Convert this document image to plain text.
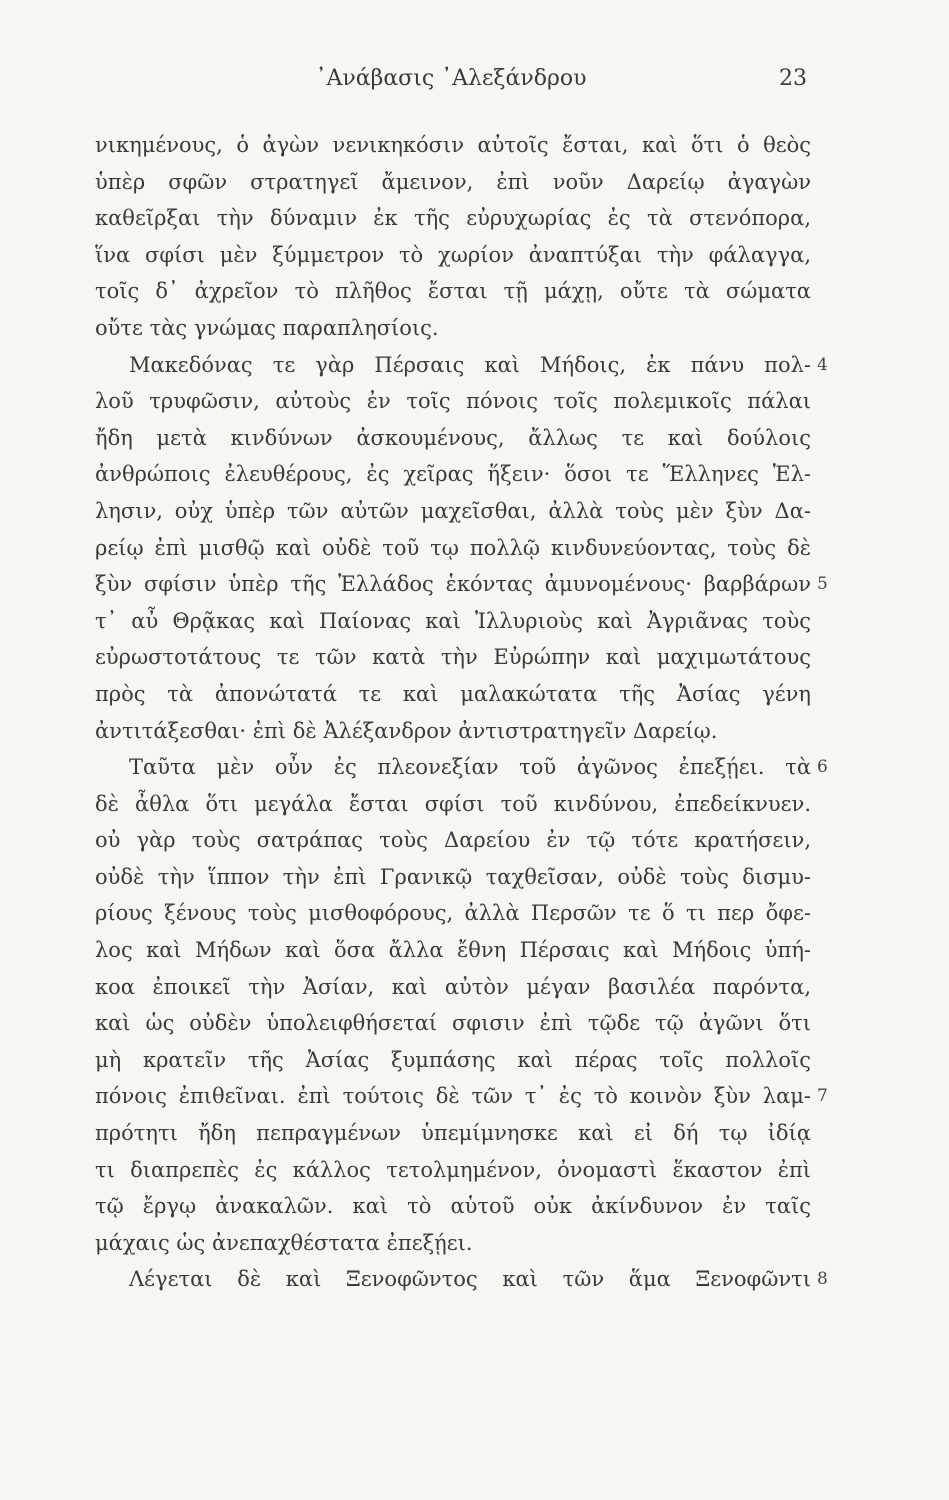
᾿Ανάβασις ᾿Αλεξάνδρου	23
νικημένους, ὁ ἀγὼν νενικηκόσιν αὐτοῖς ἔσται, καὶ ὅτι ὁ θεὸς
ὑπὲρ σφῶν στρατηγεῖ ἄμεινον, ἐπὶ νοῦν Δαρείῳ ἀγαγὼν
καθεῖρξαι τὴν δύναμιν ἐκ τῆς εὐρυχωρίας ἐς τὰ στενόπορα,
ἵνα σφίσι μὲν ξύμμετρον τὸ χωρίον ἀναπτύξαι τὴν φάλαγγα,
τοῖς δ᾿ ἀχρεῖον τὸ πλῆθος ἔσται τῇ μάχῃ, οὔτε τὰ σώματα
οὔτε τὰς γνώμας παραπλησίοις.
Μακεδόνας τε γὰρ Πέρσαις καὶ Μήδοις, ἐκ πάνυ πολ- 4
λοῦ τρυφῶσιν, αὐτοὺς ἐν τοῖς πόνοις τοῖς πολεμικοῖς πάλαι
ἤδη μετὰ κινδύνων ἀσκουμένους, ἄλλως τε καὶ δούλοις
ἀνθρώποις ἐλευθέρους, ἐς χεῖρας ἥξειν· ὅσοι τε Ἕλληνες Ἑλ-
λησιν, οὐχ ὑπὲρ τῶν αὐτῶν μαχεῖσθαι, ἀλλὰ τοὺς μὲν ξὺν Δα-
ρείῳ ἐπὶ μισθῷ καὶ οὐδὲ τοῦ τῳ πολλῷ κινδυνεύοντας, τοὺς δὲ
ξὺν σφίσιν ὑπὲρ τῆς Ἑλλάδος ἑκόντας ἀμυνομένους· βαρβάρων 5
τ᾿ αὖ Θρᾷκας καὶ Παίονας καὶ Ἰλλυριοὺς καὶ Ἀγριᾶνας τοὺς
εὐρωστοτάτους τε τῶν κατὰ τὴν Εὐρώπην καὶ μαχιμωτάτους
πρὸς τὰ ἀπονώτατά τε καὶ μαλακώτατα τῆς Ἀσίας γένη
ἀντιτάξεσθαι· ἐπὶ δὲ Ἀλέξανδρον ἀντιστρατηγεῖν Δαρείῳ.
Ταῦτα μὲν οὖν ἐς πλεονεξίαν τοῦ ἀγῶνος ἐπεξῄει. τὰ 6
δὲ ἆθλα ὅτι μεγάλα ἔσται σφίσι τοῦ κινδύνου, ἐπεδείκνυεν.
οὐ γὰρ τοὺς σατράπας τοὺς Δαρείου ἐν τῷ τότε κρατήσειν,
οὐδὲ τὴν ἵππον τὴν ἐπὶ Γρανικῷ ταχθεῖσαν, οὐδὲ τοὺς δισμυ-
ρίους ξένους τοὺς μισθοφόρους, ἀλλὰ Περσῶν τε ὅ τι περ ὄφε-
λος καὶ Μήδων καὶ ὅσα ἄλλα ἔθνη Πέρσαις καὶ Μήδοις ὑπή-
κοα ἐποικεῖ τὴν Ἀσίαν, καὶ αὐτὸν μέγαν βασιλέα παρόντα,
καὶ ὡς οὐδὲν ὑπολειφθήσεταί σφισιν ἐπὶ τῷδε τῷ ἀγῶνι ὅτι
μὴ κρατεῖν τῆς Ἀσίας ξυμπάσης καὶ πέρας τοῖς πολλοῖς
πόνοις ἐπιθεῖναι. ἐπὶ τούτοις δὲ τῶν τ᾿ ἐς τὸ κοινὸν ξὺν λαμ- 7
πρότητι ἤδη πεπραγμένων ὑπεμίμνησκε καὶ εἰ δή τῳ ἰδίᾳ
τι διαπρεπὲς ἐς κάλλος τετολμημένον, ὀνομαστὶ ἕκαστον ἐπὶ
τῷ ἔργῳ ἀνακαλῶν. καὶ τὸ αὑτοῦ οὐκ ἀκίνδυνον ἐν ταῖς
μάχαις ὡς ἀνεπαχθέστατα ἐπεξῄει.
Λέγεται δὲ καὶ Ξενοφῶντος καὶ τῶν ἅμα Ξενοφῶντι 8
